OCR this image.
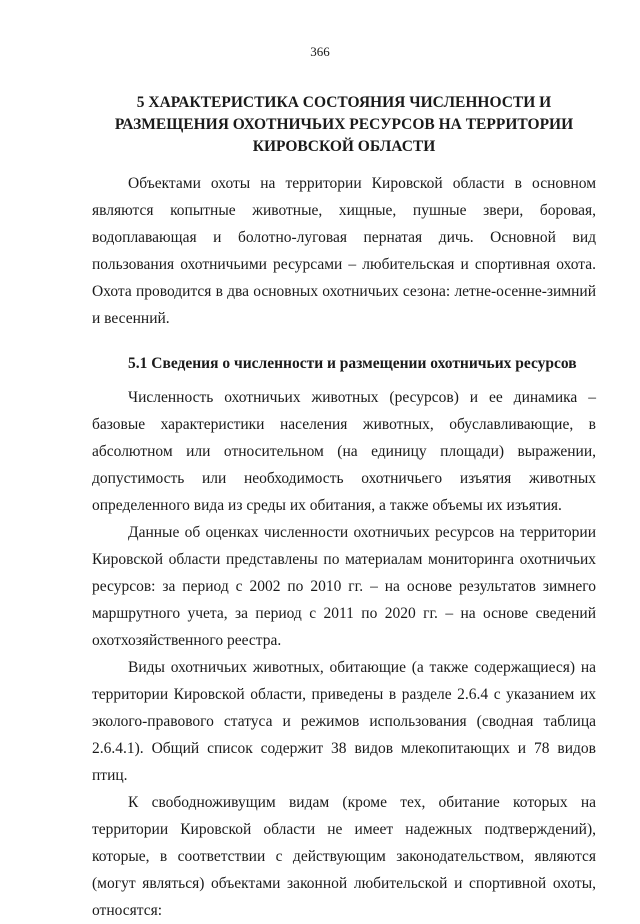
366
5 ХАРАКТЕРИСТИКА СОСТОЯНИЯ ЧИСЛЕННОСТИ И
РАЗМЕЩЕНИЯ ОХОТНИЧЬИХ РЕСУРСОВ НА ТЕРРИТОРИИ
КИРОВСКОЙ ОБЛАСТИ

Объектами охоты на территории Кировской области в основном являются копытные животные, хищные, пушные звери, боровая, водоплавающая и болотно-луговая пернатая дичь. Основной вид пользования охотничьими ресурсами – любительская и спортивная охота. Охота проводится в два основных охотничьих сезона: летне-осенне-зимний и весенний.

5.1 Сведения о численности и размещении охотничьих ресурсов

Численность охотничьих животных (ресурсов) и ее динамика – базовые характеристики населения животных, обуславливающие, в абсолютном или относительном (на единицу площади) выражении, допустимость или необходимость охотничьего изъятия животных определенного вида из среды их обитания, а также объемы их изъятия.

Данные об оценках численности охотничьих ресурсов на территории Кировской области представлены по материалам мониторинга охотничьих ресурсов: за период с 2002 по 2010 гг. – на основе результатов зимнего маршрутного учета, за период с 2011 по 2020 гг. – на основе сведений охотхозяйственного реестра.

Виды охотничьих животных, обитающие (а также содержащиеся) на территории Кировской области, приведены в разделе 2.6.4 с указанием их эколого-правового статуса и режимов использования (сводная таблица 2.6.4.1). Общий список содержит 38 видов млекопитающих и 78 видов птиц.

К свободноживущим видам (кроме тех, обитание которых на территории Кировской области не имеет надежных подтверждений), которые, в соответствии с действующим законодательством, являются (могут являться) объектами законной любительской и спортивной охоты, относятся:
